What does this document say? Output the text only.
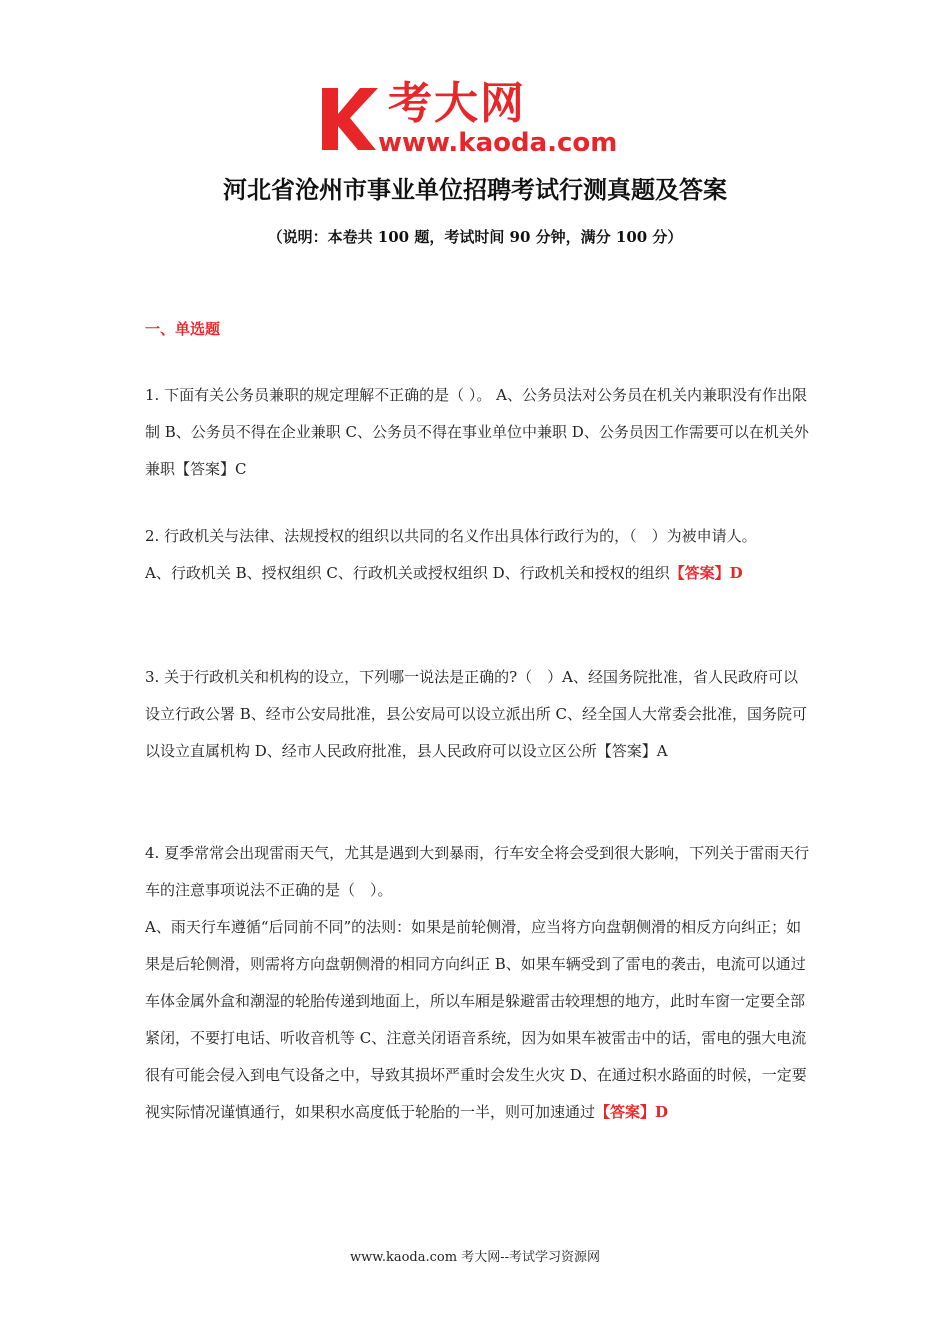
考大网
www.kaoda.com
河北省沧州市事业单位招聘考试行测真题及答案
（说明：本卷共 100 题，考试时间 90 分钟，满分 100 分）
一、单选题

1. 下面有关公务员兼职的规定理解不正确的是（ ）。 A、公务员法对公务员在机关内兼职没有作出限制 B、公务员不得在企业兼职 C、公务员不得在事业单位中兼职 D、公务员因工作需要可以在机关外兼职【答案】C

2. 行政机关与法律、法规授权的组织以共同的名义作出具体行政行为的，（　）为被申请人。

A、行政机关 B、授权组织 C、行政机关或授权组织 D、行政机关和授权的组织【答案】D

3. 关于行政机关和机构的设立，下列哪一说法是正确的?（　）A、经国务院批准，省人民政府可以设立行政公署 B、经市公安局批准，县公安局可以设立派出所 C、经全国人大常委会批准，国务院可以设立直属机构 D、经市人民政府批准，县人民政府可以设立区公所【答案】A

4. 夏季常常会出现雷雨天气，尤其是遇到大到暴雨，行车安全将会受到很大影响，下列关于雷雨天行车的注意事项说法不正确的是（　）。

A、雨天行车遵循“后同前不同”的法则：如果是前轮侧滑，应当将方向盘朝侧滑的相反方向纠正；如果是后轮侧滑，则需将方向盘朝侧滑的相同方向纠正 B、如果车辆受到了雷电的袭击，电流可以通过车体金属外盒和潮湿的轮胎传递到地面上，所以车厢是躲避雷击较理想的地方，此时车窗一定要全部紧闭，不要打电话、听收音机等 C、注意关闭语音系统，因为如果车被雷击中的话，雷电的强大电流很有可能会侵入到电气设备之中，导致其损坏严重时会发生火灾 D、在通过积水路面的时候，一定要视实际情况谨慎通行，如果积水高度低于轮胎的一半，则可加速通过【答案】D

www.kaoda.com 考大网--考试学习资源网
